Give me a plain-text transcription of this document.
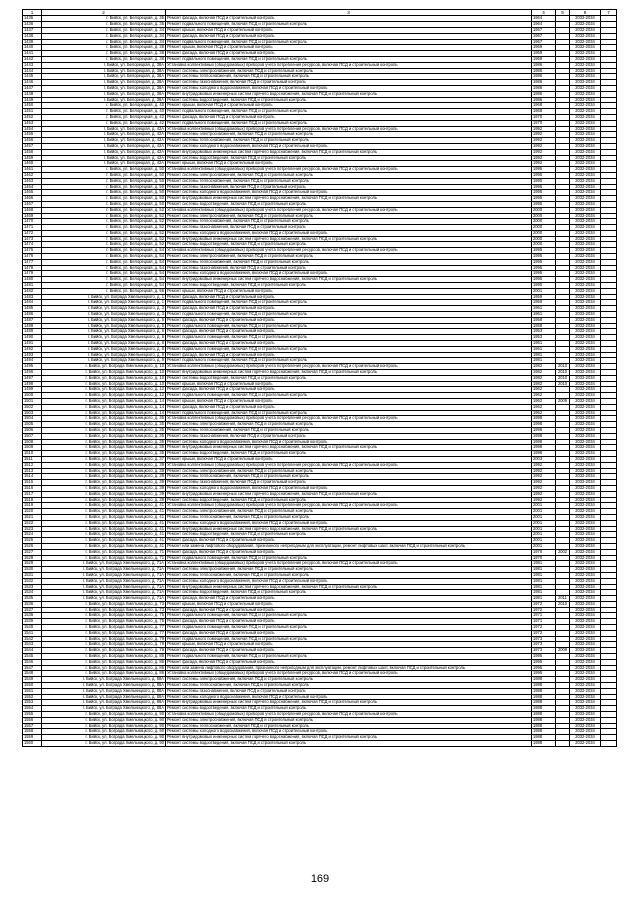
1	2	3	4	5	6	7
1435	г. Бийск, ул. Белорецкая, д. 35	Ремонт фасада, включая ПСД и строительный контроль	1964		2032-2034	
1436	г. Бийск, ул. Белорецкая, д. 35	Ремонт подвального помещения, включая ПСД и строительный контроль	1964		2032-2034	
1437	г. Бийск, ул. Белорецкая, д. 34	Ремонт крыши, включая ПСД и строительный контроль	1967		2032-2034	
1438	г. Бийск, ул. Белорецкая, д. 34	Ремонт фасада, включая ПСД и строительный контроль	1967		2032-2034	
1439	г. Бийск, ул. Белорецкая, д. 34	Ремонт подвального помещения, включая ПСД и строительный контроль	1967		2032-2034	
1440	г. Бийск, ул. Белорецкая, д. 38	Ремонт крыши, включая ПСД и строительный контроль	1969		2032-2034	
1441	г. Бийск, ул. Белорецкая, д. 38	Ремонт фасада, включая ПСД и строительный контроль	1969		2032-2034	
1442	г. Бийск, ул. Белорецкая, д. 38	Ремонт подвального помещения, включая ПСД и строительный контроль	1969		2032-2034	
1443	г. Бийск, ул. Белорецкая, д. 38А	Установка коллективных (общедомовых) приборов учета потребления ресурсов, включая ПСД и строительный контроль	1986		2032-2034	
1444	г. Бийск, ул. Белорецкая, д. 38А	Ремонт системы электроснабжения, включая ПСД и строительный контроль	1986		2032-2034	
1445	г. Бийск, ул. Белорецкая, д. 38А	Ремонт системы теплоснабжения, включая ПСД и строительный контроль	1986		2032-2034	
1446	г. Бийск, ул. Белорецкая, д. 38А	Ремонт системы газоснабжения, включая ПСД и строительный контроль	1986		2032-2034	
1447	г. Бийск, ул. Белорецкая, д. 38А	Ремонт системы холодного водоснабжения, включая ПСД и строительный контроль	1986		2032-2034	
1448	г. Бийск, ул. Белорецкая, д. 38А	Ремонт внутридомовых инженерных систем горячего водоснабжения, включая ПСД и строительный контроль	1986		2032-2034	
1449	г. Бийск, ул. Белорецкая, д. 38А	Ремонт системы водоотведения, включая ПСД и строительный контроль	1986		2032-2034	
1450	г. Бийск, ул. Белорецкая, д. 40	Ремонт крыши, включая ПСД и строительный контроль	1968		2032-2034	
1451	г. Бийск, ул. Белорецкая, д. 40	Ремонт подвального помещения, включая ПСД и строительный контроль	1968		2032-2034	
1452	г. Бийск, ул. Белорецкая, д. 42	Ремонт фасада, включая ПСД и строительный контроль	1970		2032-2034	
1453	г. Бийск, ул. Белорецкая, д. 42	Ремонт подвального помещения, включая ПСД и строительный контроль	1970		2032-2034	
1454	г. Бийск, ул. Белорецкая, д. 42А	Установка коллективных (общедомовых) приборов учета потребления ресурсов, включая ПСД и строительный контроль	1992		2032-2034	
1455	г. Бийск, ул. Белорецкая, д. 42А	Ремонт системы электроснабжения, включая ПСД и строительный контроль	1992		2032-2034	
1456	г. Бийск, ул. Белорецкая, д. 42А	Ремонт системы теплоснабжения, включая ПСД и строительный контроль	1992		2032-2034	
1457	г. Бийск, ул. Белорецкая, д. 42А	Ремонт системы холодного водоснабжения, включая ПСД и строительный контроль	1992		2032-2034	
1458	г. Бийск, ул. Белорецкая, д. 42А	Ремонт внутридомовых инженерных систем горячего водоснабжения, включая ПСД и строительный контроль	1992		2032-2034	
1459	г. Бийск, ул. Белорецкая, д. 42А	Ремонт системы водоотведения, включая ПСД и строительный контроль	1992		2032-2034	
1460	г. Бийск, ул. Белорецкая, д. 42А	Ремонт крыши, включая ПСД и строительный контроль	1992		2032-2034	
1461	г. Бийск, ул. Белорецкая, д. 50	Установка коллективных (общедомовых) приборов учета потребления ресурсов, включая ПСД и строительный контроль	1995		2032-2034	
1462	г. Бийск, ул. Белорецкая, д. 50	Ремонт системы электроснабжения, включая ПСД и строительный контроль	1995		2032-2034	
1463	г. Бийск, ул. Белорецкая, д. 50	Ремонт системы теплоснабжения, включая ПСД и строительный контроль	1995		2032-2034	
1464	г. Бийск, ул. Белорецкая, д. 50	Ремонт системы газоснабжения, включая ПСД и строительный контроль	1995		2032-2034	
1465	г. Бийск, ул. Белорецкая, д. 50	Ремонт системы холодного водоснабжения, включая ПСД и строительный контроль	1995		2032-2034	
1466	г. Бийск, ул. Белорецкая, д. 50	Ремонт внутридомовых инженерных систем горячего водоснабжения, включая ПСД и строительный контроль	1995		2032-2034	
1467	г. Бийск, ул. Белорецкая, д. 50	Ремонт системы водоотведения, включая ПСД и строительный контроль	1995		2032-2034	
1468	г. Бийск, ул. Белорецкая, д. 52	Установка коллективных (общедомовых) приборов учета потребления ресурсов, включая ПСД и строительный контроль	2000		2032-2034	
1469	г. Бийск, ул. Белорецкая, д. 52	Ремонт системы электроснабжения, включая ПСД и строительный контроль	2000		2032-2034	
1470	г. Бийск, ул. Белорецкая, д. 52	Ремонт системы теплоснабжения, включая ПСД и строительный контроль	2000		2032-2034	
1471	г. Бийск, ул. Белорецкая, д. 52	Ремонт системы газоснабжения, включая ПСД и строительный контроль	2000		2032-2034	
1472	г. Бийск, ул. Белорецкая, д. 52	Ремонт системы холодного водоснабжения, включая ПСД и строительный контроль	2000		2032-2034	
1473	г. Бийск, ул. Белорецкая, д. 52	Ремонт внутридомовых инженерных систем горячего водоснабжения, включая ПСД и строительный контроль	2000		2032-2034	
1474	г. Бийск, ул. Белорецкая, д. 52	Ремонт системы водоотведения, включая ПСД и строительный контроль	2000		2032-2034	
1475	г. Бийск, ул. Белорецкая, д. 54	Установка коллективных (общедомовых) приборов учета потребления ресурсов, включая ПСД и строительный контроль	1995		2032-2034	
1476	г. Бийск, ул. Белорецкая, д. 54	Ремонт системы электроснабжения, включая ПСД и строительный контроль	1995		2032-2034	
1477	г. Бийск, ул. Белорецкая, д. 54	Ремонт системы теплоснабжения, включая ПСД и строительный контроль	1995		2032-2034	
1478	г. Бийск, ул. Белорецкая, д. 54	Ремонт системы газоснабжения, включая ПСД и строительный контроль	1995		2032-2034	
1479	г. Бийск, ул. Белорецкая, д. 54	Ремонт системы холодного водоснабжения, включая ПСД и строительный контроль	1995		2032-2034	
1480	г. Бийск, ул. Белорецкая, д. 54	Ремонт внутридомовых инженерных систем горячего водоснабжения, включая ПСД и строительный контроль	1995		2032-2034	
1481	г. Бийск, ул. Белорецкая, д. 54	Ремонт системы водоотведения, включая ПСД и строительный контроль	1995		2032-2034	
1482	г. Бийск, ул. Белорецкая, д. 56	Ремонт крыши, включая ПСД и строительный контроль	2001		2032-2034	
1483	г. Бийск, ул. Бограда Хмельницкого, д. 1	Ремонт фасада, включая ПСД и строительный контроль	1959		2032-2034	
1484	г. Бийск, ул. Бограда Хмельницкого, д. 1	Ремонт подвального помещения, включая ПСД и строительный контроль	1959		2032-2034	
1485	г. Бийск, ул. Бограда Хмельницкого, д. 3	Ремонт фасада, включая ПСД и строительный контроль	1961		2032-2034	
1486	г. Бийск, ул. Бограда Хмельницкого, д. 3	Ремонт подвального помещения, включая ПСД и строительный контроль	1961		2032-2034	
1487	г. Бийск, ул. Бограда Хмельницкого, д. 5	Ремонт фасада, включая ПСД и строительный контроль	1958		2032-2034	
1488	г. Бийск, ул. Бограда Хмельницкого, д. 5	Ремонт подвального помещения, включая ПСД и строительный контроль	1958		2032-2034	
1489	г. Бийск, ул. Бограда Хмельницкого, д. 6	Ремонт фасада, включая ПСД и строительный контроль	1953		2032-2034	
1490	г. Бийск, ул. Бограда Хмельницкого, д. 6	Ремонт подвального помещения, включая ПСД и строительный контроль	1953		2032-2034	
1491	г. Бийск, ул. Бограда Хмельницкого, д. 8	Ремонт фасада, включая ПСД и строительный контроль	1961		2032-2034	
1492	г. Бийск, ул. Бограда Хмельницкого, д. 8	Ремонт подвального помещения, включая ПСД и строительный контроль	1961		2032-2034	
1493	г. Бийск, ул. Бограда Хмельницкого, д. 9	Ремонт фасада, включая ПСД и строительный контроль	1981		2032-2034	
1494	г. Бийск, ул. Бограда Хмельницкого, д. 9	Ремонт подвального помещения, включая ПСД и строительный контроль	1981		2032-2034	
1495	г. Бийск, ул. Бограда Хмельницкого, д. 10	Установка коллективных (общедомовых) приборов учета потребления ресурсов, включая ПСД и строительный контроль	1982	2010	2032-2034	
1496	г. Бийск, ул. Бограда Хмельницкого, д. 10	Ремонт внутридомовых инженерных систем горячего водоснабжения, включая ПСД и строительный контроль	1982	2010	2032-2034	
1497	г. Бийск, ул. Бограда Хмельницкого, д. 10	Ремонт системы водоотведения, включая ПСД и строительный контроль	1982	2010	2032-2034	
1498	г. Бийск, ул. Бограда Хмельницкого, д. 10	Ремонт крыши, включая ПСД и строительный контроль	1982	2010	2032-2034	
1499	г. Бийск, ул. Бограда Хмельницкого, д. 12	Ремонт фасада, включая ПСД и строительный контроль	1962		2032-2034	
1500	г. Бийск, ул. Бограда Хмельницкого, д. 12	Ремонт подвального помещения, включая ПСД и строительный контроль	1962		2032-2034	
1501	г. Бийск, ул. Бограда Хмельницкого, д. 14	Ремонт крыши, включая ПСД и строительный контроль	1962	2009	2032-2034	
1502	г. Бийск, ул. Бограда Хмельницкого, д. 14	Ремонт фасада, включая ПСД и строительный контроль	1962		2032-2034	
1503	г. Бийск, ул. Бограда Хмельницкого, д. 14	Ремонт подвального помещения, включая ПСД и строительный контроль	1962		2032-2034	
1504	г. Бийск, ул. Бограда Хмельницкого, д. 35	Установка коллективных (общедомовых) приборов учета потребления ресурсов, включая ПСД и строительный контроль	1998		2032-2034	
1505	г. Бийск, ул. Бограда Хмельницкого, д. 35	Ремонт системы электроснабжения, включая ПСД и строительный контроль	1998		2032-2034	
1506	г. Бийск, ул. Бограда Хмельницкого, д. 35	Ремонт системы теплоснабжения, включая ПСД и строительный контроль	1998		2032-2034	
1507	г. Бийск, ул. Бограда Хмельницкого, д. 35	Ремонт системы газоснабжения, включая ПСД и строительный контроль	1998		2032-2034	
1508	г. Бийск, ул. Бограда Хмельницкого, д. 35	Ремонт системы холодного водоснабжения, включая ПСД и строительный контроль	1998		2032-2034	
1509	г. Бийск, ул. Бограда Хмельницкого, д. 35	Ремонт внутридомовых инженерных систем горячего водоснабжения, включая ПСД и строительный контроль	1998		2032-2034	
1510	г. Бийск, ул. Бограда Хмельницкого, д. 35	Ремонт системы водоотведения, включая ПСД и строительный контроль	1998		2032-2034	
1511	г. Бийск, ул. Бограда Хмельницкого, д. 37	Ремонт крыши, включая ПСД и строительный контроль	2003		2032-2034	
1512	г. Бийск, ул. Бограда Хмельницкого, д. 39	Установка коллективных (общедомовых) приборов учета потребления ресурсов, включая ПСД и строительный контроль	1992		2032-2034	
1513	г. Бийск, ул. Бограда Хмельницкого, д. 39	Ремонт системы электроснабжения, включая ПСД и строительный контроль	1992		2032-2034	
1514	г. Бийск, ул. Бограда Хмельницкого, д. 39	Ремонт системы теплоснабжения, включая ПСД и строительный контроль	1992		2032-2034	
1515	г. Бийск, ул. Бограда Хмельницкого, д. 39	Ремонт системы газоснабжения, включая ПСД и строительный контроль	1992		2032-2034	
1516	г. Бийск, ул. Бограда Хмельницкого, д. 39	Ремонт системы холодного водоснабжения, включая ПСД и строительный контроль	1992		2032-2034	
1517	г. Бийск, ул. Бограда Хмельницкого, д. 39	Ремонт внутридомовых инженерных систем горячего водоснабжения, включая ПСД и строительный контроль	1992		2032-2034	
1518	г. Бийск, ул. Бограда Хмельницкого, д. 39	Ремонт системы водоотведения, включая ПСД и строительный контроль	1992		2032-2034	
1519	г. Бийск, ул. Бограда Хмельницкого, д. 41	Установка коллективных (общедомовых) приборов учета потребления ресурсов, включая ПСД и строительный контроль	2001		2032-2034	
1520	г. Бийск, ул. Бограда Хмельницкого, д. 41	Ремонт системы электроснабжения, включая ПСД и строительный контроль	2001		2032-2034	
1521	г. Бийск, ул. Бограда Хмельницкого, д. 41	Ремонт системы теплоснабжения, включая ПСД и строительный контроль	2001		2032-2034	
1522	г. Бийск, ул. Бограда Хмельницкого, д. 41	Ремонт системы холодного водоснабжения, включая ПСД и строительный контроль	2001		2032-2034	
1523	г. Бийск, ул. Бограда Хмельницкого, д. 41	Ремонт внутридомовых инженерных систем горячего водоснабжения, включая ПСД и строительный контроль	2001		2032-2034	
1524	г. Бийск, ул. Бограда Хмельницкого, д. 41	Ремонт системы водоотведения, включая ПСД и строительный контроль	2001		2032-2034	
1525	г. Бийск, ул. Бограда Хмельницкого, д. 41	Ремонт фасада, включая ПСД и строительный контроль	2001		2032-2034	
1526	г. Бийск, ул. Бограда Хмельницкого, д. 41	Ремонт или замена лифтового оборудования, признанного непригодным для эксплуатации, ремонт лифтовых шахт, включая ПСД и строительный контроль	2001		2032-2034	
1527	г. Бийск, ул. Бограда Хмельницкого, д. 71	Ремонт фасада, включая ПСД и строительный контроль	1970	2002	2032-2034	
1528	г. Бийск, ул. Бограда Хмельницкого, д. 71	Ремонт подвального помещения, включая ПСД и строительный контроль	1970		2032-2034	
1529	г. Бийск, ул. Бограда Хмельницкого, д. 71А	Установка коллективных (общедомовых) приборов учета потребления ресурсов, включая ПСД и строительный контроль	1981		2032-2034	
1530	г. Бийск, ул. Бограда Хмельницкого, д. 71А	Ремонт системы электроснабжения, включая ПСД и строительный контроль	1981		2032-2034	
1531	г. Бийск, ул. Бограда Хмельницкого, д. 71А	Ремонт системы теплоснабжения, включая ПСД и строительный контроль	1981		2032-2034	
1532	г. Бийск, ул. Бограда Хмельницкого, д. 71А	Ремонт системы холодного водоснабжения, включая ПСД и строительный контроль	1981		2032-2034	
1533	г. Бийск, ул. Бограда Хмельницкого, д. 71А	Ремонт внутридомовых инженерных систем горячего водоснабжения, включая ПСД и строительный контроль	1981		2032-2034	
1534	г. Бийск, ул. Бограда Хмельницкого, д. 71А	Ремонт системы водоотведения, включая ПСД и строительный контроль	1981		2032-2034	
1535	г. Бийск, ул. Бограда Хмельницкого, д. 71А	Ремонт фасада, включая ПСД и строительный контроль	1981	2011	2032-2034	
1536	г. Бийск, ул. Бограда Хмельницкого, д. 73	Ремонт крыши, включая ПСД и строительный контроль	1972	2010	2032-2034	
1537	г. Бийск, ул. Бограда Хмельницкого, д. 73	Ремонт фасада, включая ПСД и строительный контроль	1972		2032-2034	
1538	г. Бийск, ул. Бограда Хмельницкого, д. 75	Ремонт подвального помещения, включая ПСД и строительный контроль	1971		2032-2034	
1539	г. Бийск, ул. Бограда Хмельницкого, д. 75	Ремонт фасада, включая ПСД и строительный контроль	1971		2032-2034	
1540	г. Бийск, ул. Бограда Хмельницкого, д. 77	Ремонт подвального помещения, включая ПСД и строительный контроль	1972		2032-2034	
1541	г. Бийск, ул. Бограда Хмельницкого, д. 77	Ремонт фасада, включая ПСД и строительный контроль	1972		2032-2034	
1542	г. Бийск, ул. Бограда Хмельницкого, д. 79	Ремонт подвального помещения, включая ПСД и строительный контроль	1973		2032-2034	
1543	г. Бийск, ул. Бограда Хмельницкого, д. 79	Ремонт крыши, включая ПСД и строительный контроль	1973		2032-2034	
1544	г. Бийск, ул. Бограда Хмельницкого, д. 79	Ремонт фасада, включая ПСД и строительный контроль	1973	2009	2032-2034	
1545	г. Бийск, ул. Бограда Хмельницкого, д. 86	Ремонт подвального помещения, включая ПСД и строительный контроль	1995		2032-2034	
1546	г. Бийск, ул. Бограда Хмельницкого, д. 86	Ремонт фасада, включая ПСД и строительный контроль	1995		2032-2034	
1547	г. Бийск, ул. Бограда Хмельницкого, д. 86	Ремонт или замена лифтового оборудования, признанного непригодным для эксплуатации, ремонт лифтовых шахт, включая ПСД и строительный контроль	1995		2032-2034	
1548	г. Бийск, ул. Бограда Хмельницкого, д. 86	Установка коллективных (общедомовых) приборов учета потребления ресурсов, включая ПСД и строительный контроль	1995		2032-2034	
1549	г. Бийск, ул. Бограда Хмельницкого, д. 88А	Ремонт системы электроснабжения, включая ПСД и строительный контроль	1988		2032-2034	
1550	г. Бийск, ул. Бограда Хмельницкого, д. 88А	Ремонт системы теплоснабжения, включая ПСД и строительный контроль	1988		2032-2034	
1551	г. Бийск, ул. Бограда Хмельницкого, д. 88А	Ремонт системы газоснабжения, включая ПСД и строительный контроль	1988		2032-2034	
1552	г. Бийск, ул. Бограда Хмельницкого, д. 88А	Ремонт системы холодного водоснабжения, включая ПСД и строительный контроль	1988		2032-2034	
1553	г. Бийск, ул. Бограда Хмельницкого, д. 88А	Ремонт внутридомовых инженерных систем горячего водоснабжения, включая ПСД и строительный контроль	1988		2032-2034	
1554	г. Бийск, ул. Бограда Хмельницкого, д. 88А	Ремонт системы водоотведения, включая ПСД и строительный контроль	1988		2032-2034	
1555	г. Бийск, ул. Бограда Хмельницкого, д. 90	Установка коллективных (общедомовых) приборов учета потребления ресурсов, включая ПСД и строительный контроль	1988		2032-2034	
1556	г. Бийск, ул. Бограда Хмельницкого, д. 90	Ремонт системы электроснабжения, включая ПСД и строительный контроль	1988		2032-2034	
1557	г. Бийск, ул. Бограда Хмельницкого, д. 90	Ремонт системы теплоснабжения, включая ПСД и строительный контроль	1988		2032-2034	
1558	г. Бийск, ул. Бограда Хмельницкого, д. 90	Ремонт системы холодного водоснабжения, включая ПСД и строительный контроль	1988		2032-2034	
1559	г. Бийск, ул. Бограда Хмельницкого, д. 90	Ремонт внутридомовых инженерных систем горячего водоснабжения, включая ПСД и строительный контроль	1988		2032-2034	
1560	г. Бийск, ул. Бограда Хмельницкого, д. 90	Ремонт системы водоотведения, включая ПСД и строительный контроль	1988		2032-2034	
169
